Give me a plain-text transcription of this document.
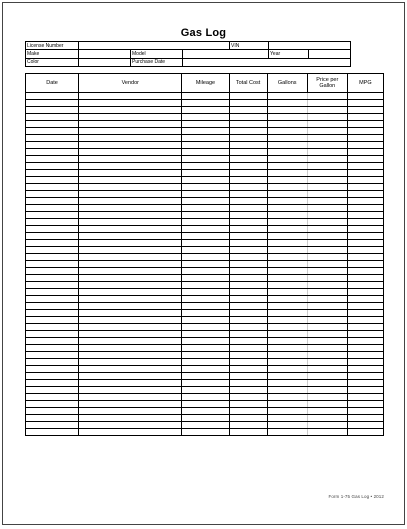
Gas Log
License Number				VIN		
Make		Model			Year	
Color		Purchase Date				
Date	Vendor	Mileage	Total Cost	Gallons	Price per Gallon	MPG

Form 1-75 Gas Log • 2012
